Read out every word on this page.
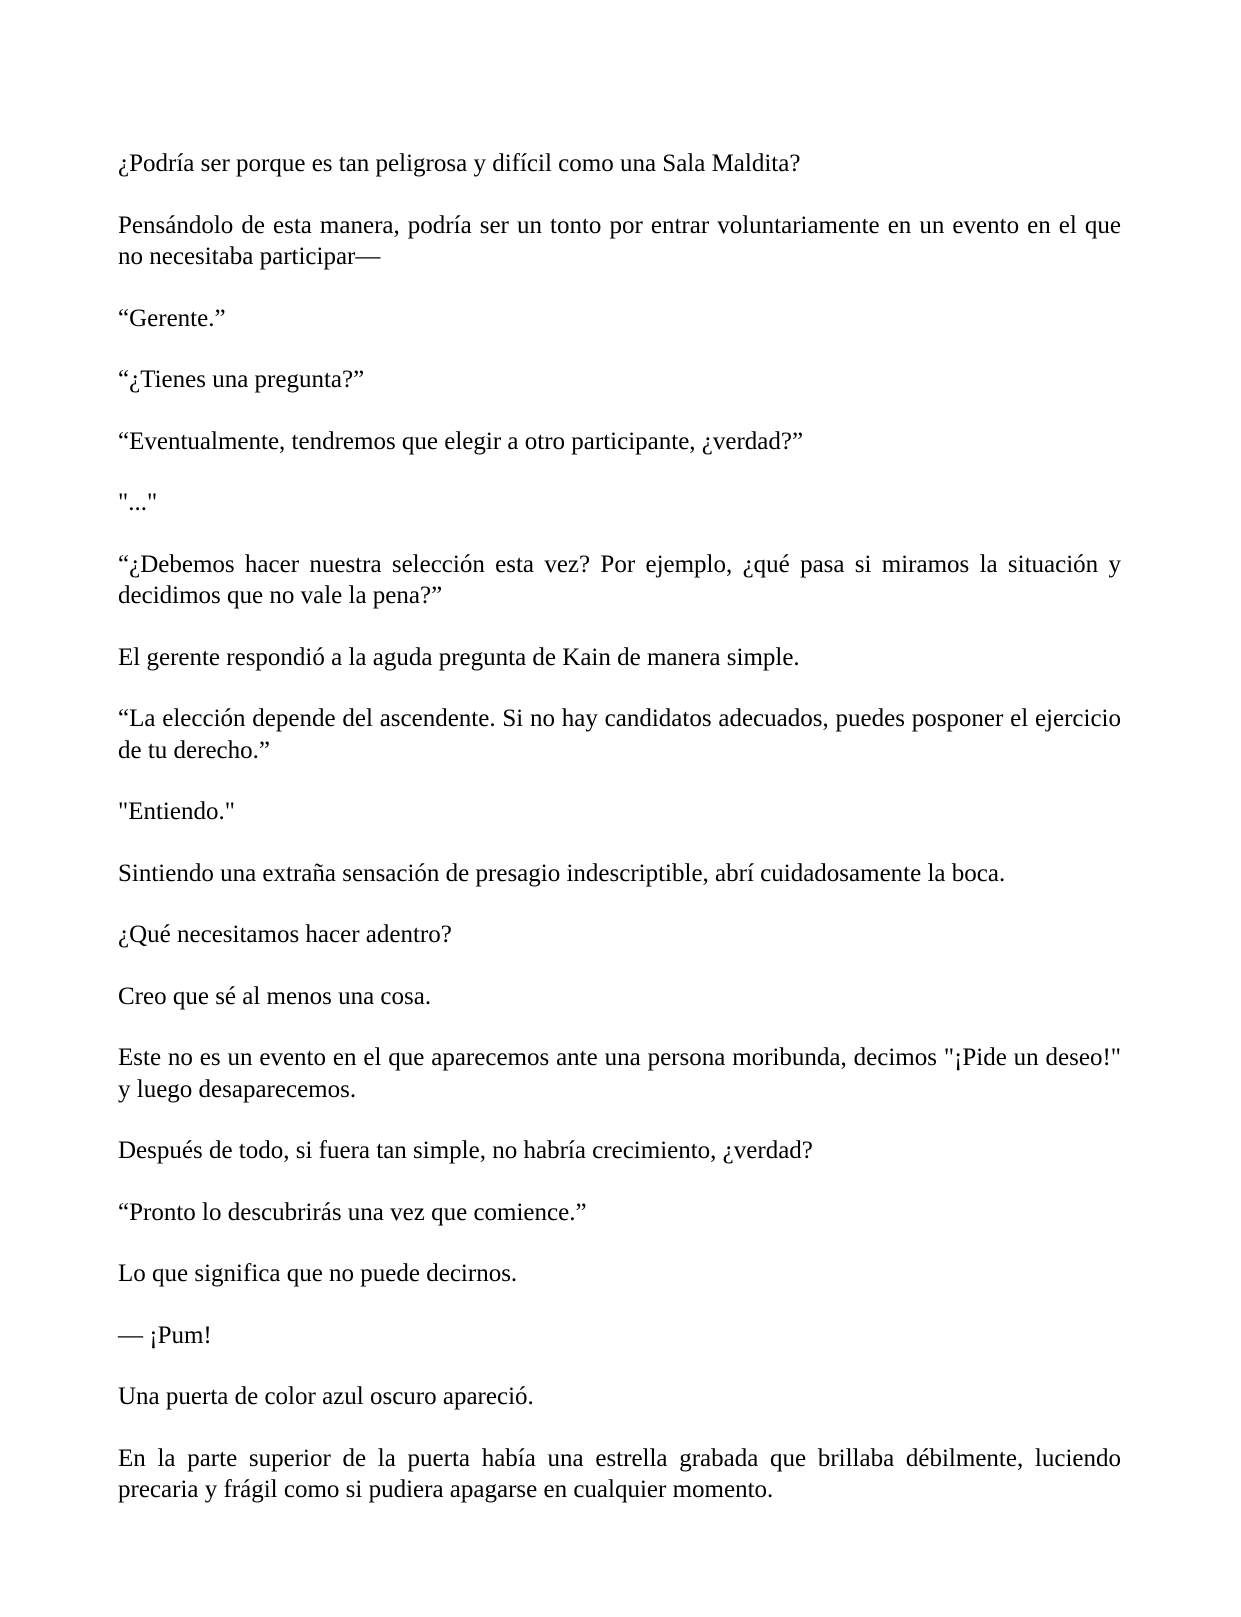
¿Podría ser porque es tan peligrosa y difícil como una Sala Maldita?

Pensándolo de esta manera, podría ser un tonto por entrar voluntariamente en un evento en el que no necesitaba participar—

“Gerente.”

“¿Tienes una pregunta?”

“Eventualmente, tendremos que elegir a otro participante, ¿verdad?”

"..."

“¿Debemos hacer nuestra selección esta vez? Por ejemplo, ¿qué pasa si miramos la situación y decidimos que no vale la pena?”

El gerente respondió a la aguda pregunta de Kain de manera simple.

“La elección depende del ascendente. Si no hay candidatos adecuados, puedes posponer el ejercicio de tu derecho.”

"Entiendo."

Sintiendo una extraña sensación de presagio indescriptible, abrí cuidadosamente la boca.

¿Qué necesitamos hacer adentro?

Creo que sé al menos una cosa.

Este no es un evento en el que aparecemos ante una persona moribunda, decimos "¡Pide un deseo!" y luego desaparecemos.

Después de todo, si fuera tan simple, no habría crecimiento, ¿verdad?

“Pronto lo descubrirás una vez que comience.”

Lo que significa que no puede decirnos.

— ¡Pum!

Una puerta de color azul oscuro apareció.

En la parte superior de la puerta había una estrella grabada que brillaba débilmente, luciendo precaria y frágil como si pudiera apagarse en cualquier momento.
